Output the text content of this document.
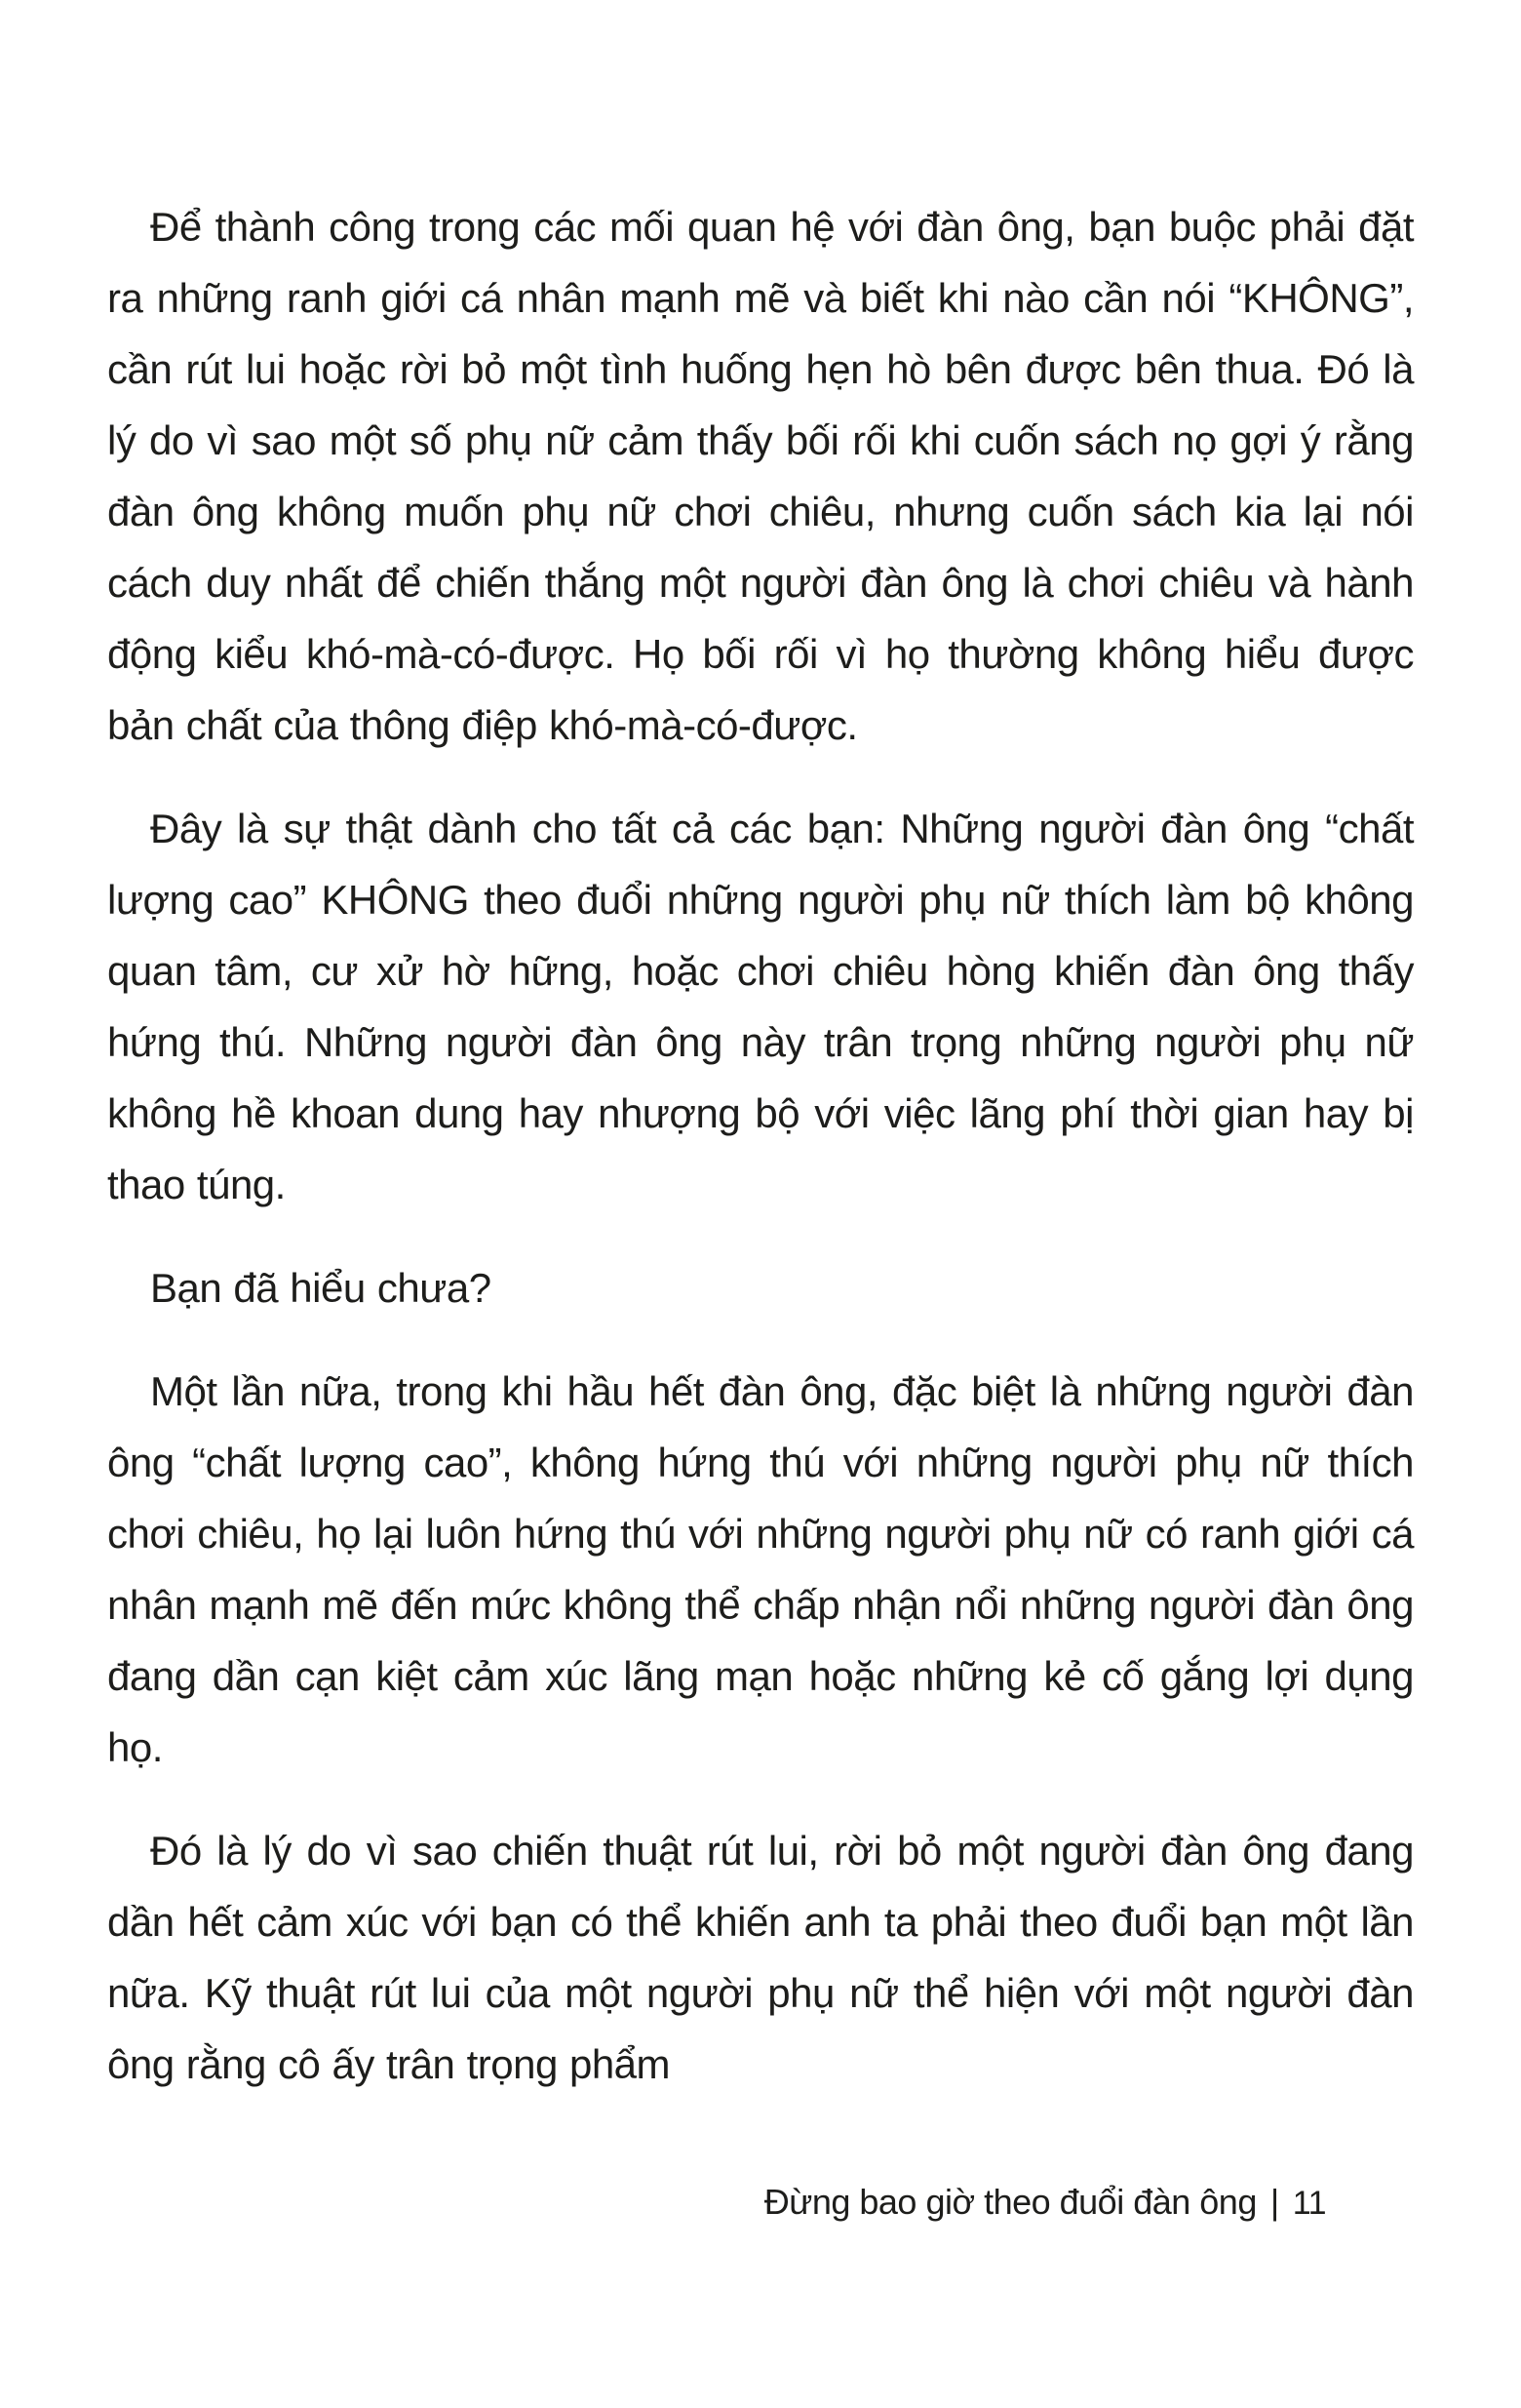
Để thành công trong các mối quan hệ với đàn ông, bạn buộc phải đặt ra những ranh giới cá nhân mạnh mẽ và biết khi nào cần nói “KHÔNG”, cần rút lui hoặc rời bỏ một tình huống hẹn hò bên được bên thua. Đó là lý do vì sao một số phụ nữ cảm thấy bối rối khi cuốn sách nọ gợi ý rằng đàn ông không muốn phụ nữ chơi chiêu, nhưng cuốn sách kia lại nói cách duy nhất để chiến thắng một người đàn ông là chơi chiêu và hành động kiểu khó-mà-có-được. Họ bối rối vì họ thường không hiểu được bản chất của thông điệp khó-mà-có-được.

Đây là sự thật dành cho tất cả các bạn: Những người đàn ông “chất lượng cao” KHÔNG theo đuổi những người phụ nữ thích làm bộ không quan tâm, cư xử hờ hững, hoặc chơi chiêu hòng khiến đàn ông thấy hứng thú. Những người đàn ông này trân trọng những người phụ nữ không hề khoan dung hay nhượng bộ với việc lãng phí thời gian hay bị thao túng.

Bạn đã hiểu chưa?

Một lần nữa, trong khi hầu hết đàn ông, đặc biệt là những người đàn ông “chất lượng cao”, không hứng thú với những người phụ nữ thích chơi chiêu, họ lại luôn hứng thú với những người phụ nữ có ranh giới cá nhân mạnh mẽ đến mức không thể chấp nhận nổi những người đàn ông đang dần cạn kiệt cảm xúc lãng mạn hoặc những kẻ cố gắng lợi dụng họ.

Đó là lý do vì sao chiến thuật rút lui, rời bỏ một người đàn ông đang dần hết cảm xúc với bạn có thể khiến anh ta phải theo đuổi bạn một lần nữa. Kỹ thuật rút lui của một người phụ nữ thể hiện với một người đàn ông rằng cô ấy trân trọng phẩm

Đừng bao giờ theo đuổi đàn ông | 11
